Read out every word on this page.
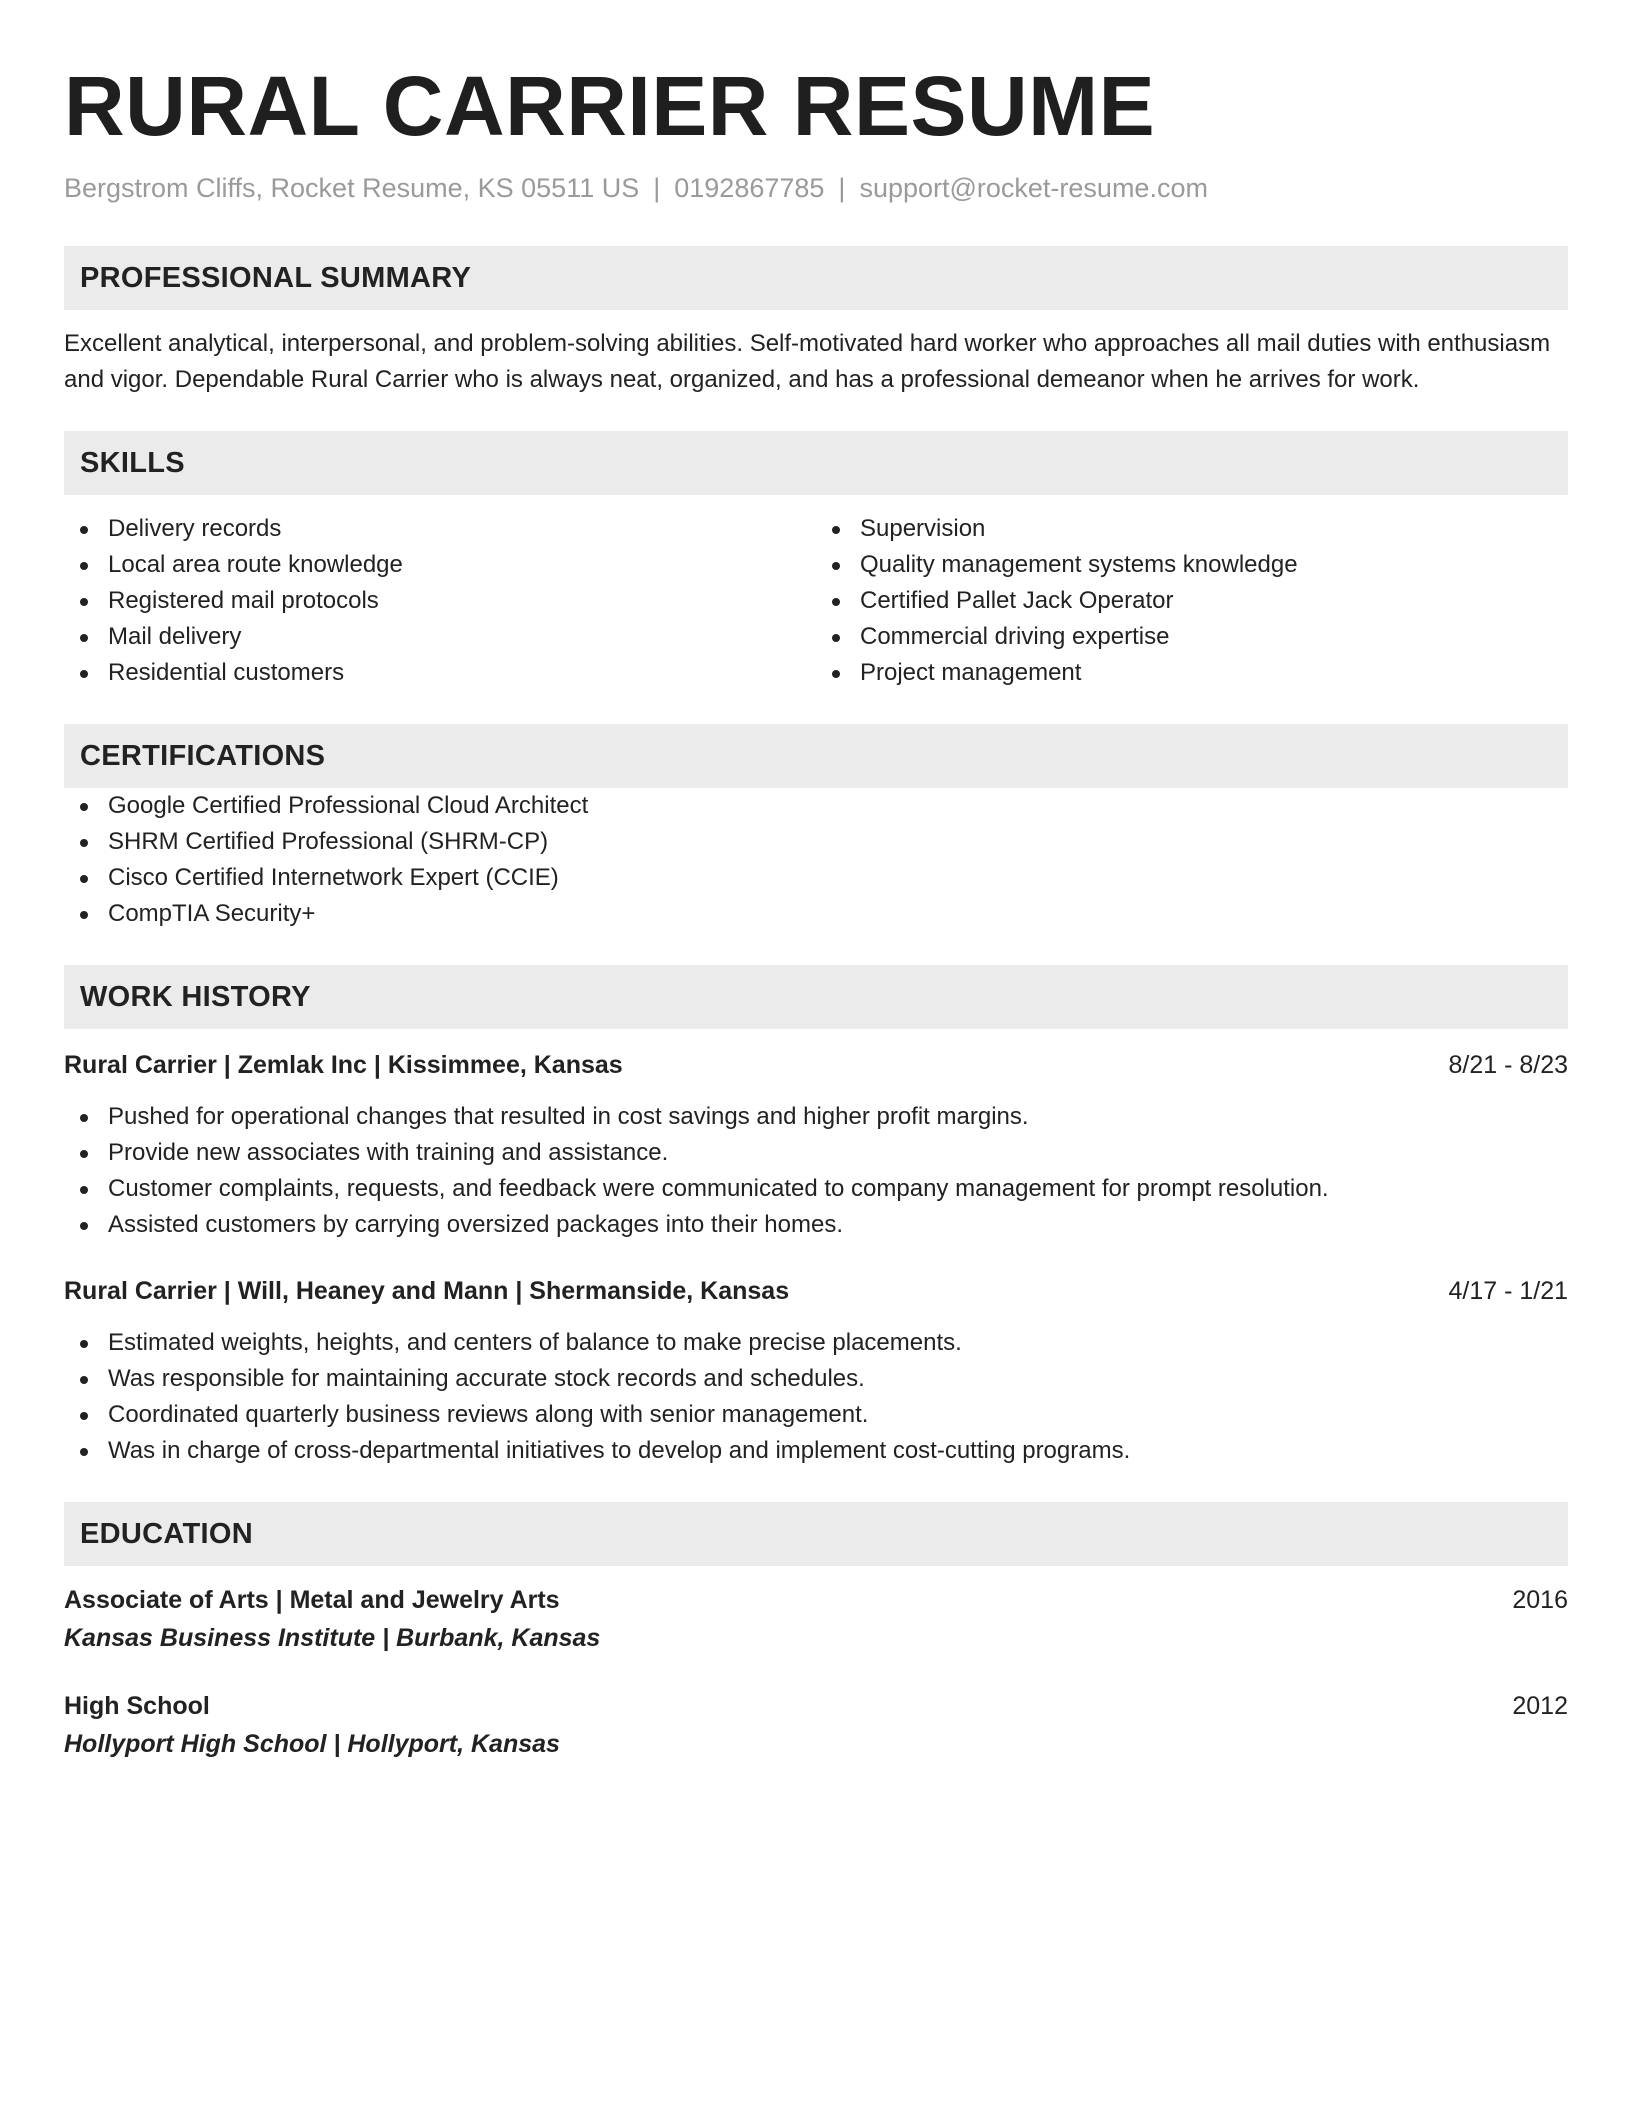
RURAL CARRIER RESUME
Bergstrom Cliffs, Rocket Resume, KS 05511 US | 0192867785 | support@rocket-resume.com
PROFESSIONAL SUMMARY

Excellent analytical, interpersonal, and problem-solving abilities. Self-motivated hard worker who approaches all mail duties with enthusiasm and vigor. Dependable Rural Carrier who is always neat, organized, and has a professional demeanor when he arrives for work.

SKILLS
Delivery records
Local area route knowledge
Registered mail protocols
Mail delivery
Residential customers
Supervision
Quality management systems knowledge
Certified Pallet Jack Operator
Commercial driving expertise
Project management
CERTIFICATIONS
Google Certified Professional Cloud Architect
SHRM Certified Professional (SHRM-CP)
Cisco Certified Internetwork Expert (CCIE)
CompTIA Security+
WORK HISTORY
Rural Carrier | Zemlak Inc | Kissimmee, Kansas	8/21 - 8/23
Pushed for operational changes that resulted in cost savings and higher profit margins.
Provide new associates with training and assistance.
Customer complaints, requests, and feedback were communicated to company management for prompt resolution.
Assisted customers by carrying oversized packages into their homes.
Rural Carrier | Will, Heaney and Mann | Shermanside, Kansas	4/17 - 1/21
Estimated weights, heights, and centers of balance to make precise placements.
Was responsible for maintaining accurate stock records and schedules.
Coordinated quarterly business reviews along with senior management.
Was in charge of cross-departmental initiatives to develop and implement cost-cutting programs.
EDUCATION
Associate of Arts | Metal and Jewelry Arts	2016
Kansas Business Institute | Burbank, Kansas
High School	2012
Hollyport High School | Hollyport, Kansas
